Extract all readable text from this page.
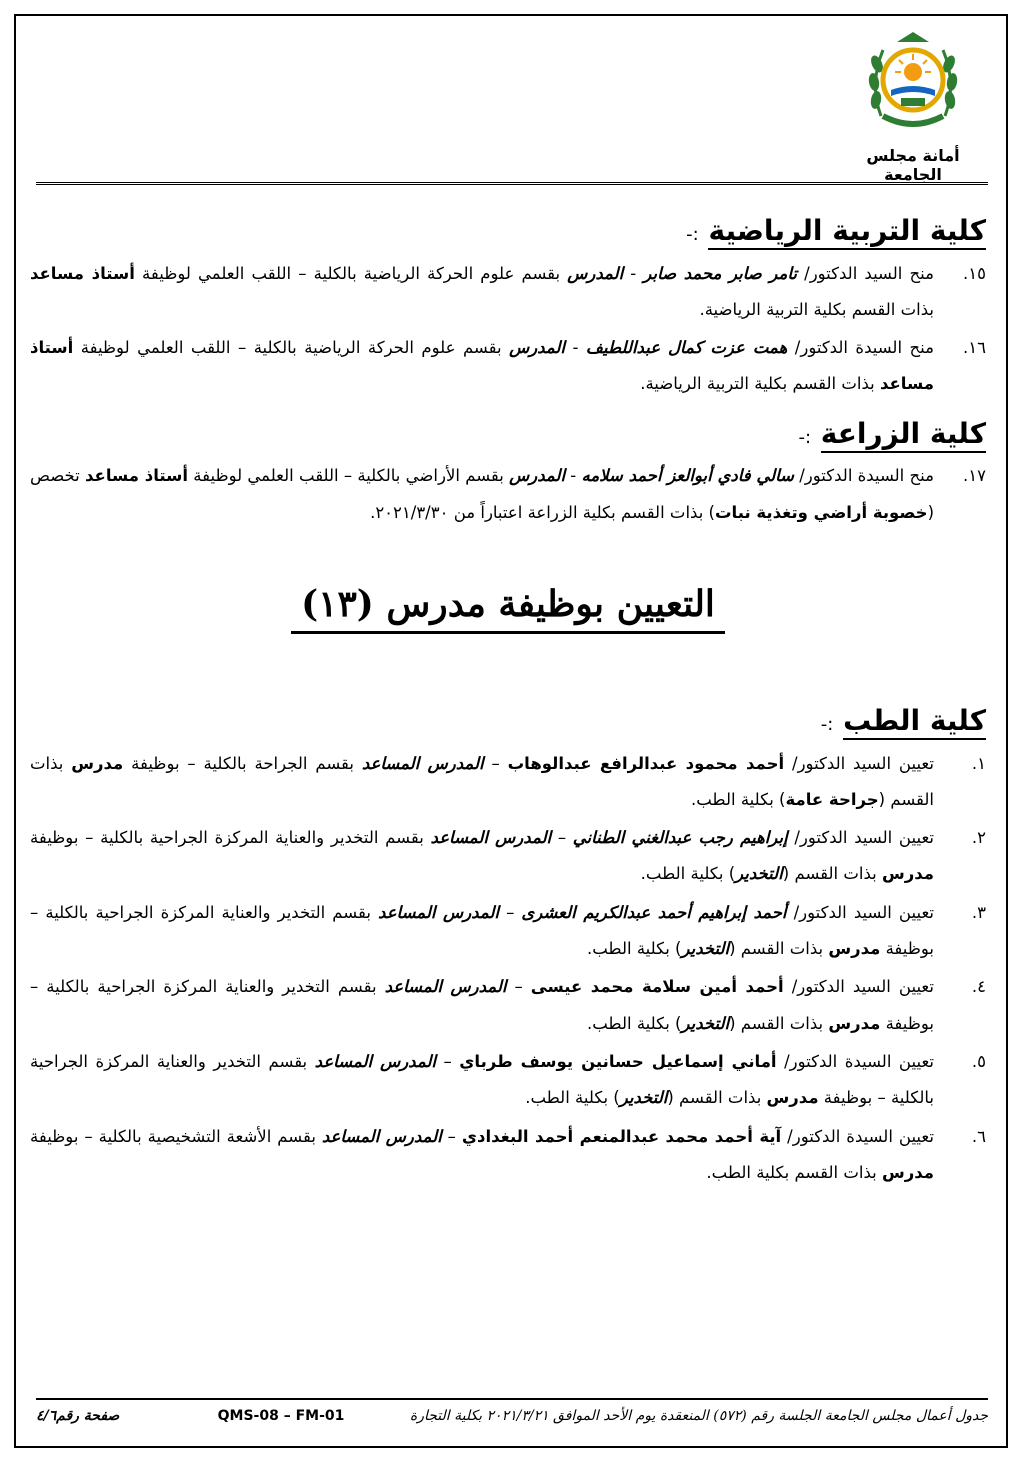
أمانة مجلس الجامعة
كلية التربية الرياضية :-
١٥.
منح السيد الدكتور/ تامر صابر محمد صابر - المدرس بقسم علوم الحركة الرياضية بالكلية – اللقب العلمي لوظيفة أستاذ مساعد بذات القسم بكلية التربية الرياضية.
١٦.
منح السيدة الدكتور/ همت عزت كمال عبداللطيف - المدرس بقسم علوم الحركة الرياضية بالكلية – اللقب العلمي لوظيفة أستاذ مساعد بذات القسم بكلية التربية الرياضية.
كلية الزراعة :-
١٧.
منح السيدة الدكتور/ سالي فادي أبوالعز أحمد سلامه - المدرس بقسم الأراضي بالكلية – اللقب العلمي لوظيفة أستاذ مساعد تخصص (خصوبة أراضي وتغذية نبات) بذات القسم بكلية الزراعة اعتباراً من ٢٠٢١/٣/٣٠.
التعيين بوظيفة مدرس (١٣)
كلية الطب :-
١.
تعيين السيد الدكتور/ أحمد محمود عبدالرافع عبدالوهاب – المدرس المساعد بقسم الجراحة بالكلية – بوظيفة مدرس بذات القسم (جراحة عامة) بكلية الطب.
٢.
تعيين السيد الدكتور/ إبراهيم رجب عبدالغني الطناني – المدرس المساعد بقسم التخدير والعناية المركزة الجراحية بالكلية – بوظيفة مدرس بذات القسم (التخدير) بكلية الطب.
٣.
تعيين السيد الدكتور/ أحمد إبراهيم أحمد عبدالكريم العشرى – المدرس المساعد بقسم التخدير والعناية المركزة الجراحية بالكلية – بوظيفة مدرس بذات القسم (التخدير) بكلية الطب.
٤.
تعيين السيد الدكتور/ أحمد أمين سلامة محمد عيسى – المدرس المساعد بقسم التخدير والعناية المركزة الجراحية بالكلية – بوظيفة مدرس بذات القسم (التخدير) بكلية الطب.
٥.
تعيين السيدة الدكتور/ أماني إسماعيل حسانين يوسف طرباي – المدرس المساعد بقسم التخدير والعناية المركزة الجراحية بالكلية – بوظيفة مدرس بذات القسم (التخدير) بكلية الطب.
٦.
تعيين السيدة الدكتور/ آية أحمد محمد عبدالمنعم أحمد البغدادي – المدرس المساعد بقسم الأشعة التشخيصية بالكلية – بوظيفة مدرس بذات القسم بكلية الطب.
جدول أعمال مجلس الجامعة الجلسة رقم (٥٧٢) المنعقدة يوم الأحد الموافق ٢٠٢١/٣/٢١ بكلية التجارة
QMS-08 – FM-01
صفحة رقم٤/٦
